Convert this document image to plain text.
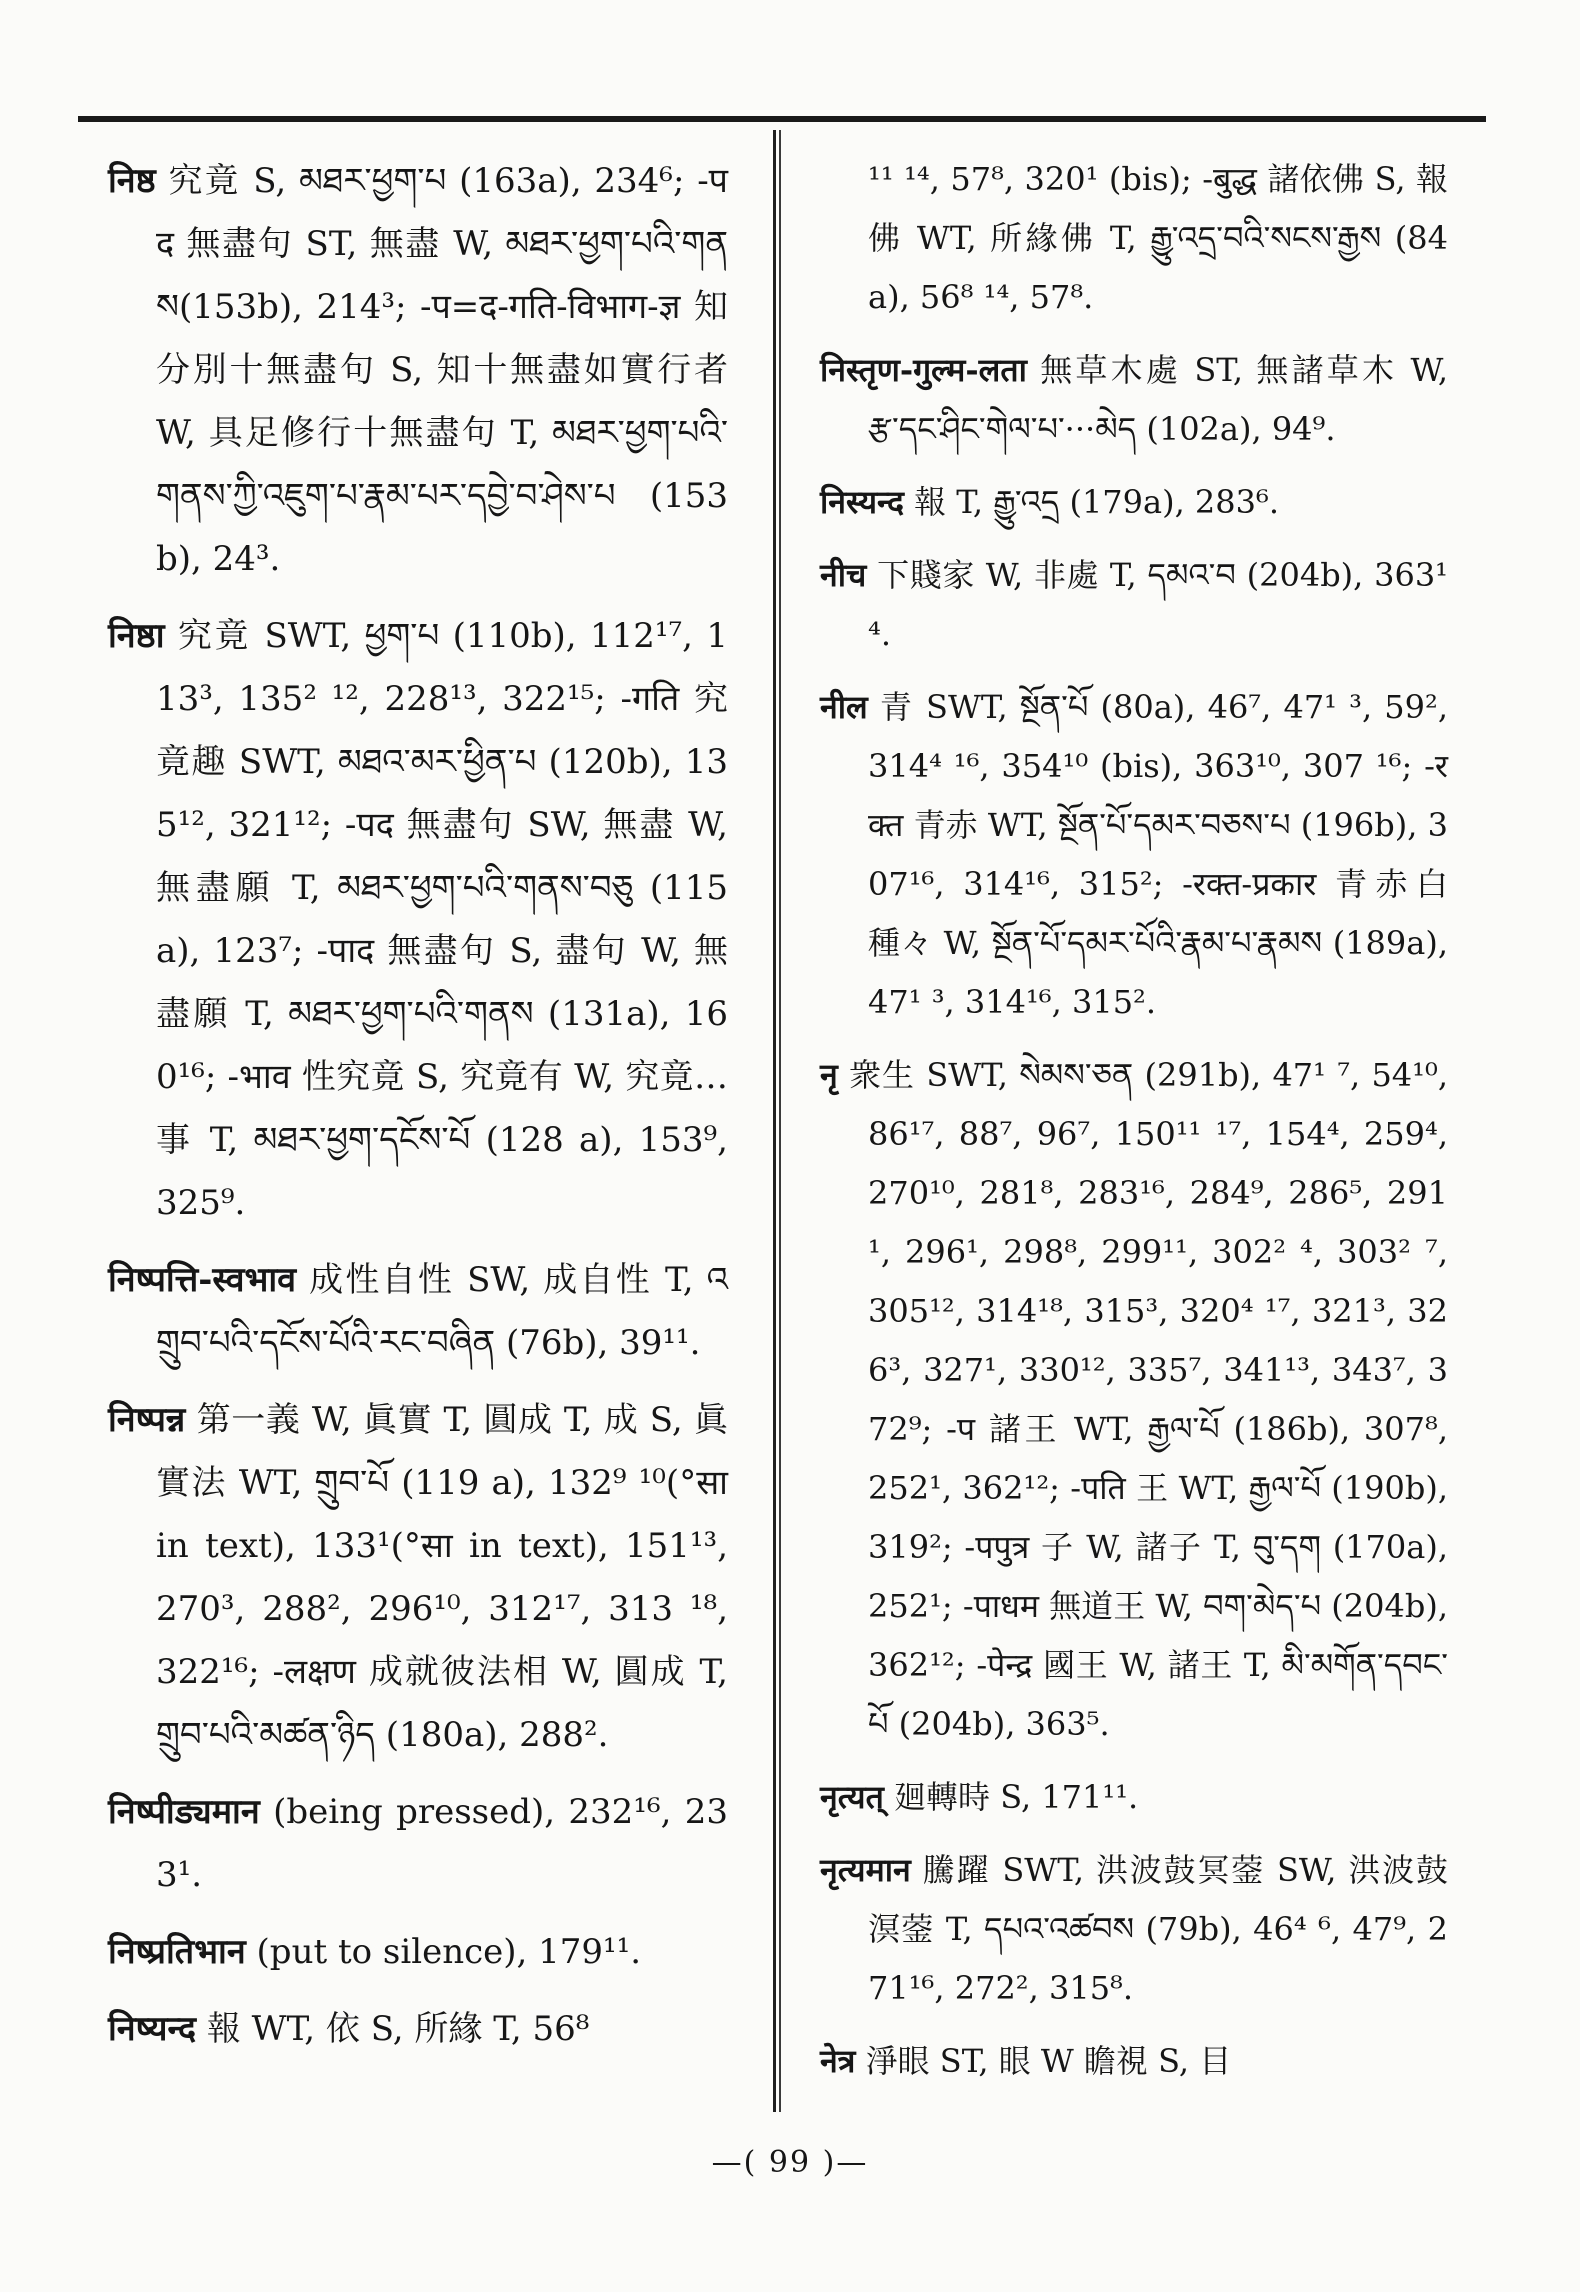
निष्ठ 究竟 S, མཐར་ཕྱག་པ (163a), 234⁶; -पद 無盡句 ST, 無盡 W, མཐར་ཕྱག་པའི་གནས(153b), 214³; -प=द-गति-विभाग-ज्ञ 知分別十無盡句 S, 知十無盡如實行者 W, 具足修行十無盡句 T, མཐར་ཕྱག་པའི་གནས་ཀྱི་འཇུག་པ་རྣམ་པར་དབྱེ་བ་ཤེས་པ (153b), 24³.

निष्ठा 究竟 SWT, ཕྱག་པ (110b), 112¹⁷, 113³, 135² ¹², 228¹³, 322¹⁵; -गति 究竟趣 SWT, མཐའ་མར་ཕྱིན་པ (120b), 135¹², 321¹²; -पद 無盡句 SW, 無盡 W, 無盡願 T, མཐར་ཕྱག་པའི་གནས་བཅུ (115a), 123⁷; -पाद 無盡句 S, 盡句 W, 無盡願 T, མཐར་ཕྱག་པའི་གནས (131a), 160¹⁶; -भाव 性究竟 S, 究竟有 W, 究竟…事 T, མཐར་ཕྱག་དངོས་པོ (128 a), 153⁹, 325⁹.

निष्पत्ति-स्वभाव 成性自性 SW, 成自性 T, འགྲུབ་པའི་དངོས་པོའི་རང་བཞིན (76b), 39¹¹.

निष्पन्न 第一義 W, 眞實 T, 圓成 T, 成 S, 眞實法 WT, གྲུབ་པོ (119 a), 132⁹ ¹⁰(°सा in text), 133¹(°सा in text), 151¹³, 270³, 288², 296¹⁰, 312¹⁷, 313 ¹⁸, 322¹⁶; -लक्षण 成就彼法相 W, 圓成 T, གྲུབ་པའི་མཚན་ཉིད (180a), 288².

निष्पीड्यमान (being pressed), 232¹⁶, 233¹.

निष्प्रतिभान (put to silence), 179¹¹.

निष्यन्द 報 WT, 依 S, 所緣 T, 56⁸

¹¹ ¹⁴, 57⁸, 320¹ (bis); -बुद्ध 諸依佛 S, 報佛 WT, 所緣佛 T, རྒྱུ་འདྲ་བའི་སངས་རྒྱས (84a), 56⁸ ¹⁴, 57⁸.

निस्तृण-गुल्म-लता 無草木處 ST, 無諸草木 W, རྩ་དང་ཤིང་གེལ་པ་···མེད (102a), 94⁹.

निस्यन्द 報 T, རྒྱུ་འདྲ (179a), 283⁶.

नीच 下賤家 W, 非處 T, དམའ་བ (204b), 363¹⁴.

नील 青 SWT, སྔོན་པོ (80a), 46⁷, 47¹ ³, 59², 314⁴ ¹⁶, 354¹⁰ (bis), 363¹⁰, 307 ¹⁶; -रक्त 青赤 WT, སྔོན་པོ་དམར་བཅས་པ (196b), 307¹⁶, 314¹⁶, 315²; -रक्त-प्रकार 青赤白種々 W, སྔོན་པོ་དམར་པོའི་རྣམ་པ་རྣམས (189a), 47¹ ³, 314¹⁶, 315².

नृ 衆生 SWT, སེམས་ཅན (291b), 47¹ ⁷, 54¹⁰, 86¹⁷, 88⁷, 96⁷, 150¹¹ ¹⁷, 154⁴, 259⁴, 270¹⁰, 281⁸, 283¹⁶, 284⁹, 286⁵, 291¹, 296¹, 298⁸, 299¹¹, 302² ⁴, 303² ⁷, 305¹², 314¹⁸, 315³, 320⁴ ¹⁷, 321³, 326³, 327¹, 330¹², 335⁷, 341¹³, 343⁷, 372⁹; -प 諸王 WT, རྒྱལ་པོ (186b), 307⁸, 252¹, 362¹²; -पति 王 WT, རྒྱལ་པོ (190b), 319²; -पपुत्र 子 W, 諸子 T, བུ་དག (170a), 252¹; -पाधम 無道王 W, བག་མེད་པ (204b), 362¹²; -पेन्द्र 國王 W, 諸王 T, མི་མགོན་དབང་པོ (204b), 363⁵.

नृत्यत् 廻轉時 S, 171¹¹.

नृत्यमान 騰躍 SWT, 洪波鼓冥蓥 SW, 洪波鼓溟蓥 T, དཔའ་འཚབས (79b), 46⁴ ⁶, 47⁹, 271¹⁶, 272², 315⁸.

नेत्र 淨眼 ST, 眼 W 瞻視 S, 目

—( 99 )—
